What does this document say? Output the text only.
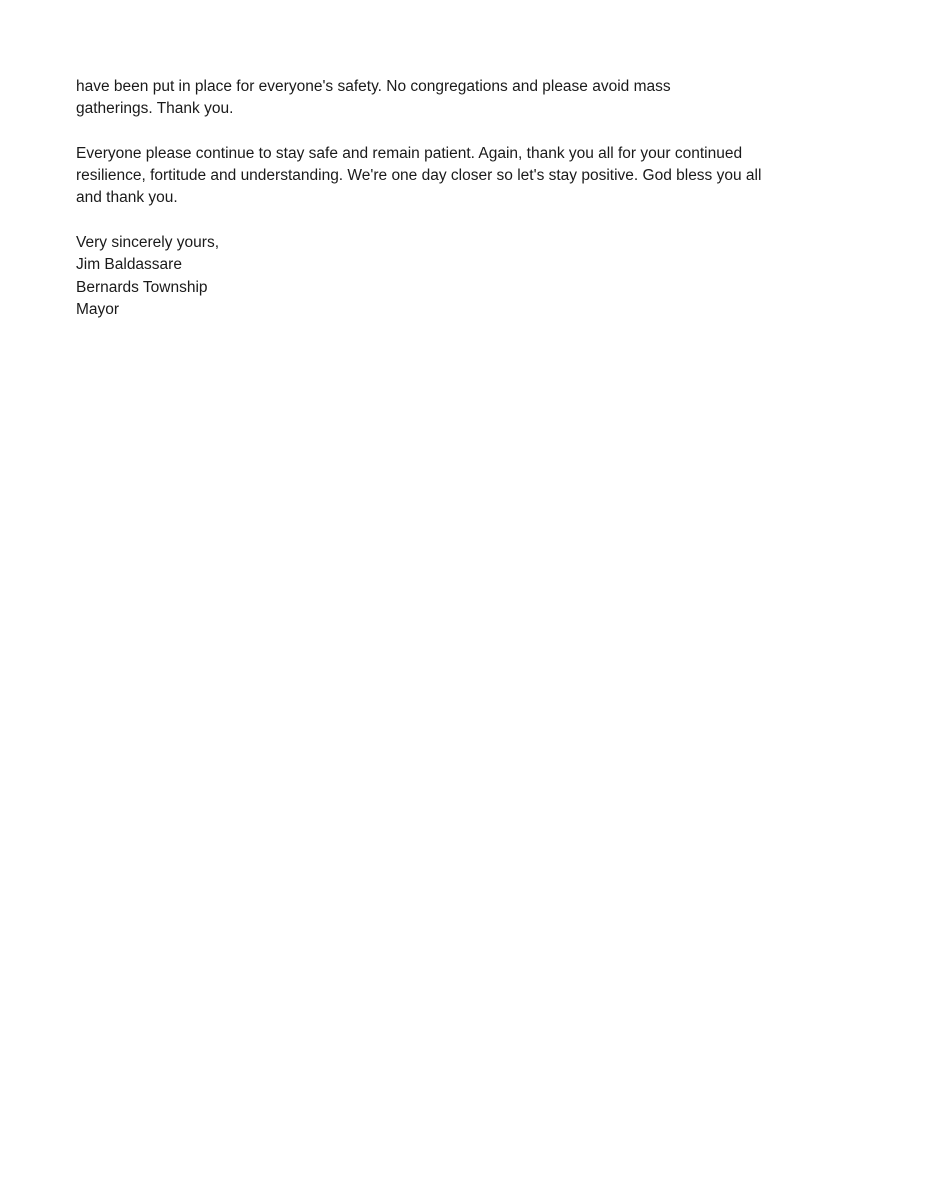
have been put in place for everyone's safety. No congregations and please avoid mass
gatherings. Thank you.
Everyone please continue to stay safe and remain patient. Again, thank you all for your continued
resilience, fortitude and understanding. We're one day closer so let's stay positive. God bless you all
and thank you.
Very sincerely yours,
Jim Baldassare
Bernards Township
Mayor
